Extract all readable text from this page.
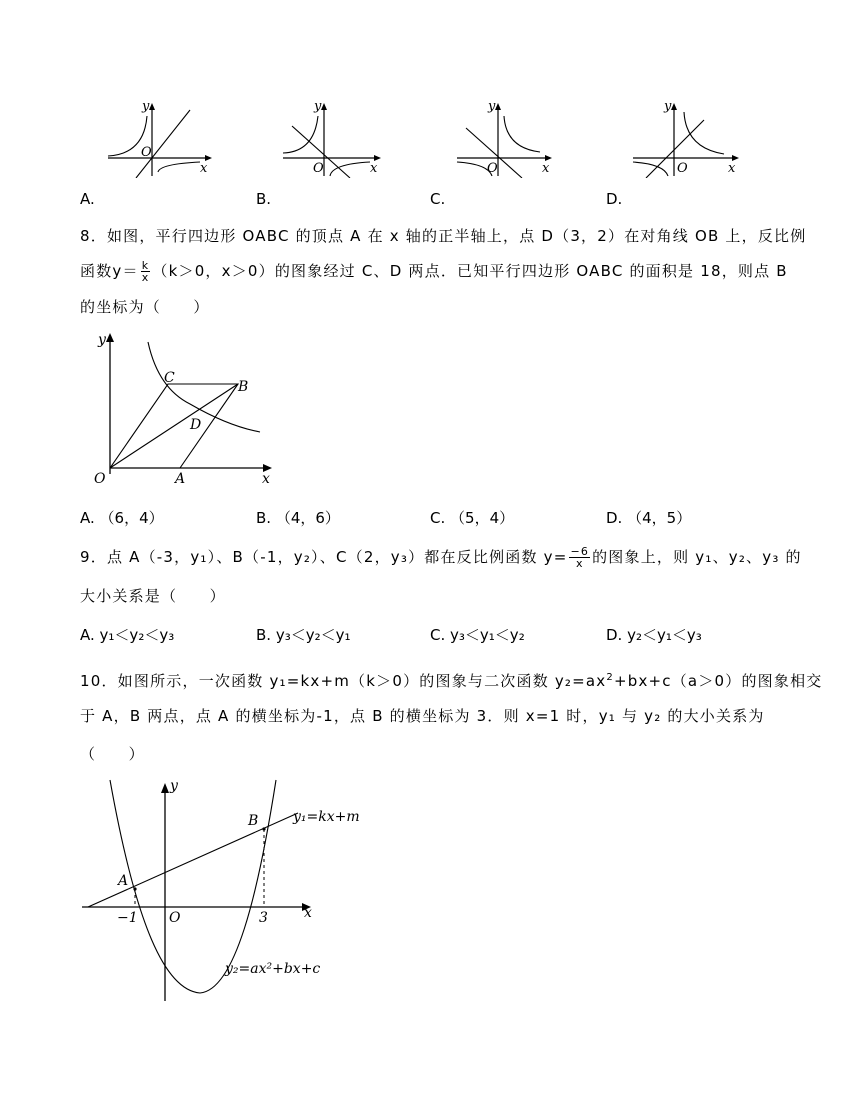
y
x
O
y
x
O
y
x
O
y
x
O
A.	B.	C.	D.
8．如图，平行四边形 OABC 的顶点 A 在 x 轴的正半轴上，点 D（3，2）在对角线 OB 上，反比例
函数$y= \frac{k}{x} (k>0$，x＞0）的图象经过 C、D 两点．已知平行四边形 OABC 的面积是 18，则点 B
的坐标为（　　）
y
x
O	A
B
C
D
A. （6，4）	B. （4，6）	C. （5，4）	D. （4，5）
9．点 A（-3，y₁）、B（-1，y₂）、C（2，y₃）都在反比例函数 $y= \frac{-6}{x}$ 的图象上，则 y₁、y₂、y₃ 的
大小关系是（　　）
A. y₁＜y₂＜y₃	B. y₃＜y₂＜y₁	C. y₃＜y₁＜y₂	D. y₂＜y₁＜y₃
10．如图所示，一次函数 y₁=kx+m（k＞0）的图象与二次函数 $y_2=ax^2+bx+c(a>0)$的图象相交
于 A，B 两点，点 A 的横坐标为-1，点 B 的横坐标为 3．则 x=1 时，y₁ 与 y₂ 的大小关系为
（　　）
y
x
O
A
B
−1	3
y₁=kx+m
y₂=ax²+bx+c
